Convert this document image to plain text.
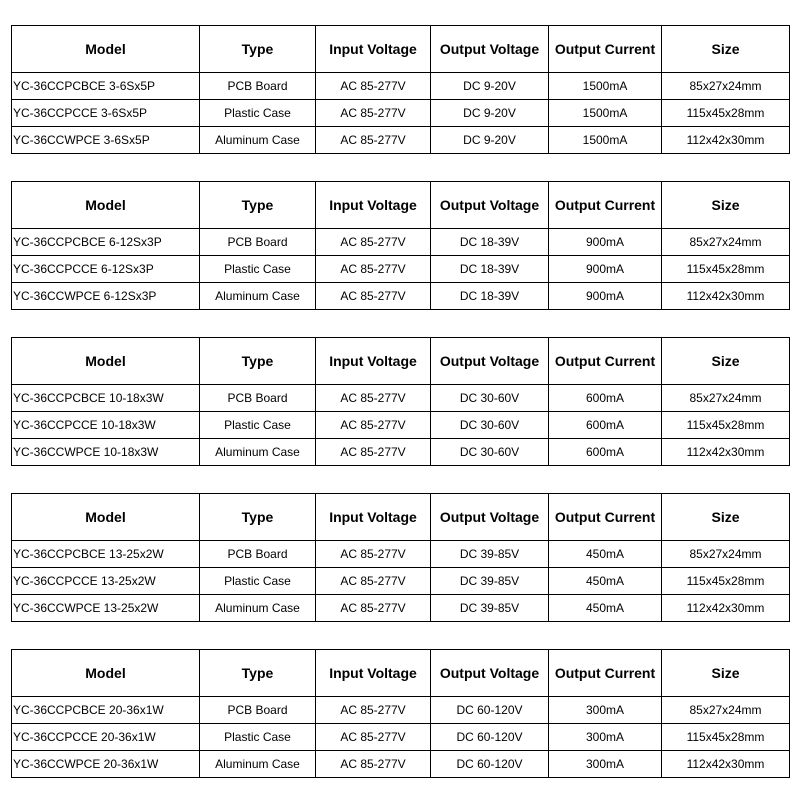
Model	Type	Input Voltage	Output Voltage	Output Current	Size
YC-36CCPCBCE 3-6Sx5P	PCB Board	AC 85-277V	DC 9-20V	1500mA	85x27x24mm
YC-36CCPCCE 3-6Sx5P	Plastic Case	AC 85-277V	DC 9-20V	1500mA	115x45x28mm
YC-36CCWPCE 3-6Sx5P	Aluminum Case	AC 85-277V	DC 9-20V	1500mA	112x42x30mm
Model	Type	Input Voltage	Output Voltage	Output Current	Size
YC-36CCPCBCE 6-12Sx3P	PCB Board	AC 85-277V	DC 18-39V	900mA	85x27x24mm
YC-36CCPCCE 6-12Sx3P	Plastic Case	AC 85-277V	DC 18-39V	900mA	115x45x28mm
YC-36CCWPCE 6-12Sx3P	Aluminum Case	AC 85-277V	DC 18-39V	900mA	112x42x30mm
Model	Type	Input Voltage	Output Voltage	Output Current	Size
YC-36CCPCBCE 10-18x3W	PCB Board	AC 85-277V	DC 30-60V	600mA	85x27x24mm
YC-36CCPCCE 10-18x3W	Plastic Case	AC 85-277V	DC 30-60V	600mA	115x45x28mm
YC-36CCWPCE 10-18x3W	Aluminum Case	AC 85-277V	DC 30-60V	600mA	112x42x30mm
Model	Type	Input Voltage	Output Voltage	Output Current	Size
YC-36CCPCBCE 13-25x2W	PCB Board	AC 85-277V	DC 39-85V	450mA	85x27x24mm
YC-36CCPCCE 13-25x2W	Plastic Case	AC 85-277V	DC 39-85V	450mA	115x45x28mm
YC-36CCWPCE 13-25x2W	Aluminum Case	AC 85-277V	DC 39-85V	450mA	112x42x30mm
Model	Type	Input Voltage	Output Voltage	Output Current	Size
YC-36CCPCBCE 20-36x1W	PCB Board	AC 85-277V	DC 60-120V	300mA	85x27x24mm
YC-36CCPCCE 20-36x1W	Plastic Case	AC 85-277V	DC 60-120V	300mA	115x45x28mm
YC-36CCWPCE 20-36x1W	Aluminum Case	AC 85-277V	DC 60-120V	300mA	112x42x30mm
